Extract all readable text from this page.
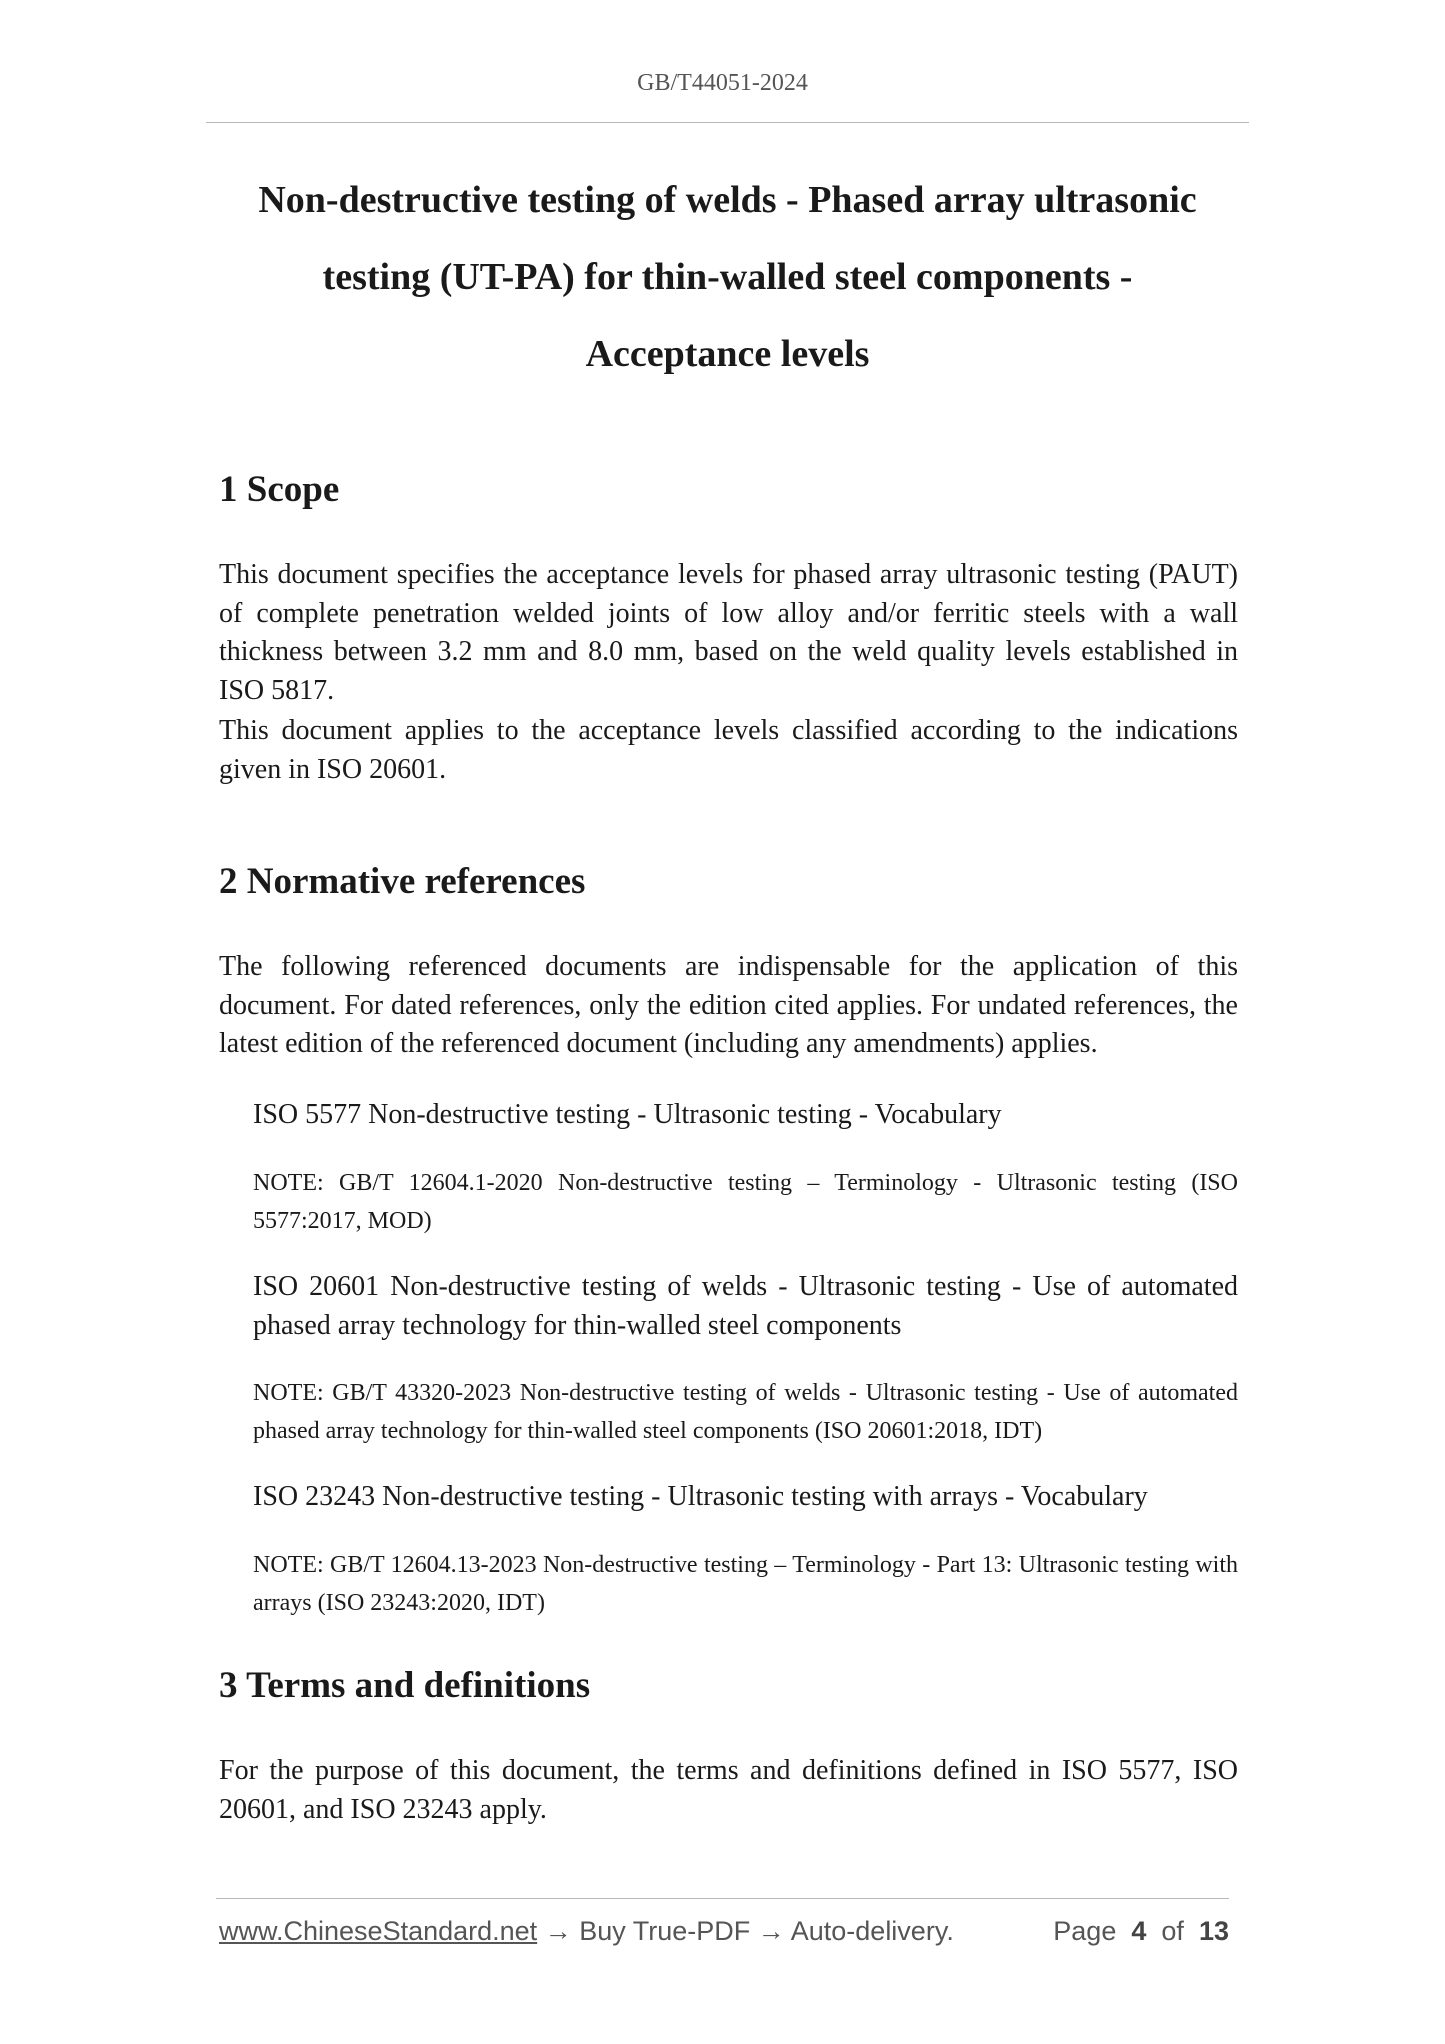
GB/T44051-2024
Non-destructive testing of welds - Phased array ultrasonic
testing (UT-PA) for thin-walled steel components -
Acceptance levels
1 Scope

This document specifies the acceptance levels for phased array ultrasonic testing (PAUT) of complete penetration welded joints of low alloy and/or ferritic steels with a wall thickness between 3.2 mm and 8.0 mm, based on the weld quality levels established in ISO 5817.

This document applies to the acceptance levels classified according to the indications given in ISO 20601.

2 Normative references

The following referenced documents are indispensable for the application of this document. For dated references, only the edition cited applies. For undated references, the latest edition of the referenced document (including any amendments) applies.

ISO 5577 Non-destructive testing - Ultrasonic testing - Vocabulary

NOTE: GB/T 12604.1-2020 Non-destructive testing – Terminology - Ultrasonic testing (ISO 5577:2017, MOD)

ISO 20601 Non-destructive testing of welds - Ultrasonic testing - Use of automated phased array technology for thin-walled steel components

NOTE: GB/T 43320-2023 Non-destructive testing of welds - Ultrasonic testing - Use of automated phased array technology for thin-walled steel components (ISO 20601:2018, IDT)

ISO 23243 Non-destructive testing - Ultrasonic testing with arrays - Vocabulary

NOTE: GB/T 12604.13-2023 Non-destructive testing – Terminology - Part 13: Ultrasonic testing with arrays (ISO 23243:2020, IDT)

3 Terms and definitions

For the purpose of this document, the terms and definitions defined in ISO 5577, ISO 20601, and ISO 23243 apply.

www.ChineseStandard.net → Buy True-PDF → Auto-delivery.	Page 4 of 13
